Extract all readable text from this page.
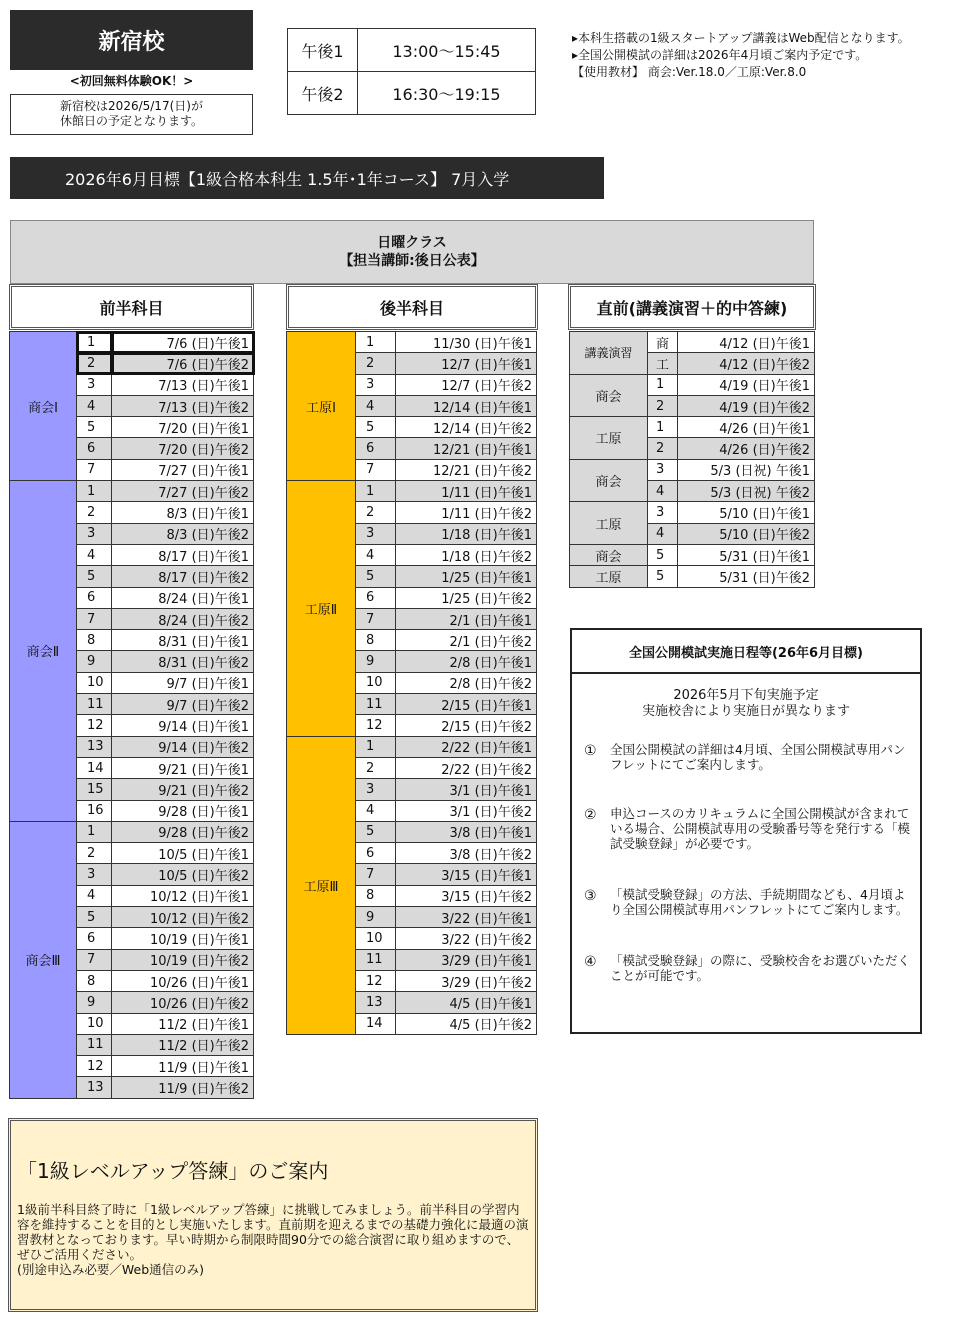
新宿校
<初回無料体験OK！>
新宿校は2026/5/17(日)が
休館日の予定となります。
午後1	13:00～15:45
午後2	16:30～19:15
▸本科生搭載の1級スタートアップ講義はWeb配信となります。
▸全国公開模試の詳細は2026年4月頃ご案内予定です。
【使用教材】 商会:Ver.18.0／工原:Ver.8.0
2026年6月目標【1級合格本科生 1.5年･1年コース】 7月入学
日曜クラス
【担当講師:後日公表】
前半科目	後半科目	直前(講義演習＋的中答練)
商会Ⅰ	1	7/6 (日)午後1
	2	7/6 (日)午後2
	3	7/13 (日)午後1
	4	7/13 (日)午後2
	5	7/20 (日)午後1
	6	7/20 (日)午後2
	7	7/27 (日)午後1
商会Ⅱ	1	7/27 (日)午後2
	2	8/3 (日)午後1
	3	8/3 (日)午後2
	4	8/17 (日)午後1
	5	8/17 (日)午後2
	6	8/24 (日)午後1
	7	8/24 (日)午後2
	8	8/31 (日)午後1
	9	8/31 (日)午後2
	10	9/7 (日)午後1
	11	9/7 (日)午後2
	12	9/14 (日)午後1
	13	9/14 (日)午後2
	14	9/21 (日)午後1
	15	9/21 (日)午後2
	16	9/28 (日)午後1
商会Ⅲ	1	9/28 (日)午後2
	2	10/5 (日)午後1
	3	10/5 (日)午後2
	4	10/12 (日)午後1
	5	10/12 (日)午後2
	6	10/19 (日)午後1
	7	10/19 (日)午後2
	8	10/26 (日)午後1
	9	10/26 (日)午後2
	10	11/2 (日)午後1
	11	11/2 (日)午後2
	12	11/9 (日)午後1
	13	11/9 (日)午後2
工原Ⅰ	1	11/30 (日)午後1
	2	12/7 (日)午後1
	3	12/7 (日)午後2
	4	12/14 (日)午後1
	5	12/14 (日)午後2
	6	12/21 (日)午後1
	7	12/21 (日)午後2
工原Ⅱ	1	1/11 (日)午後1
	2	1/11 (日)午後2
	3	1/18 (日)午後1
	4	1/18 (日)午後2
	5	1/25 (日)午後1
	6	1/25 (日)午後2
	7	2/1 (日)午後1
	8	2/1 (日)午後2
	9	2/8 (日)午後1
	10	2/8 (日)午後2
	11	2/15 (日)午後1
	12	2/15 (日)午後2
工原Ⅲ	1	2/22 (日)午後1
	2	2/22 (日)午後2
	3	3/1 (日)午後1
	4	3/1 (日)午後2
	5	3/8 (日)午後1
	6	3/8 (日)午後2
	7	3/15 (日)午後1
	8	3/15 (日)午後2
	9	3/22 (日)午後1
	10	3/22 (日)午後2
	11	3/29 (日)午後1
	12	3/29 (日)午後2
	13	4/5 (日)午後1
	14	4/5 (日)午後2
講義演習	商	4/12 (日)午後1
	工	4/12 (日)午後2
商会	1	4/19 (日)午後1
	2	4/19 (日)午後2
工原	1	4/26 (日)午後1
	2	4/26 (日)午後2
商会	3	5/3 (日祝) 午後1
	4	5/3 (日祝) 午後2
工原	3	5/10 (日)午後1
	4	5/10 (日)午後2
商会	5	5/31 (日)午後1
工原	5	5/31 (日)午後2
全国公開模試実施日程等(26年6月目標)
2026年5月下旬実施予定
実施校舎により実施日が異なります
①	全国公開模試の詳細は4月頃、全国公開模試専用パンフレットにてご案内します。
②	申込コースのカリキュラムに全国公開模試が含まれている場合、公開模試専用の受験番号等を発行する「模試受験登録」が必要です。
③	「模試受験登録」の方法、手続期間なども、4月頃より全国公開模試専用パンフレットにてご案内します。
④	「模試受験登録」の際に、受験校舎をお選びいただくことが可能です。
「1級レベルアップ答練」のご案内

1級前半科目終了時に「1級レベルアップ答練」に挑戦してみましょう。前半科目の学習内容を維持することを目的とし実施いたします。直前期を迎えるまでの基礎力強化に最適の演習教材となっております。早い時期から制限時間90分での総合演習に取り組めますので、ぜひご活用ください。

(別途申込み必要／Web通信のみ)
